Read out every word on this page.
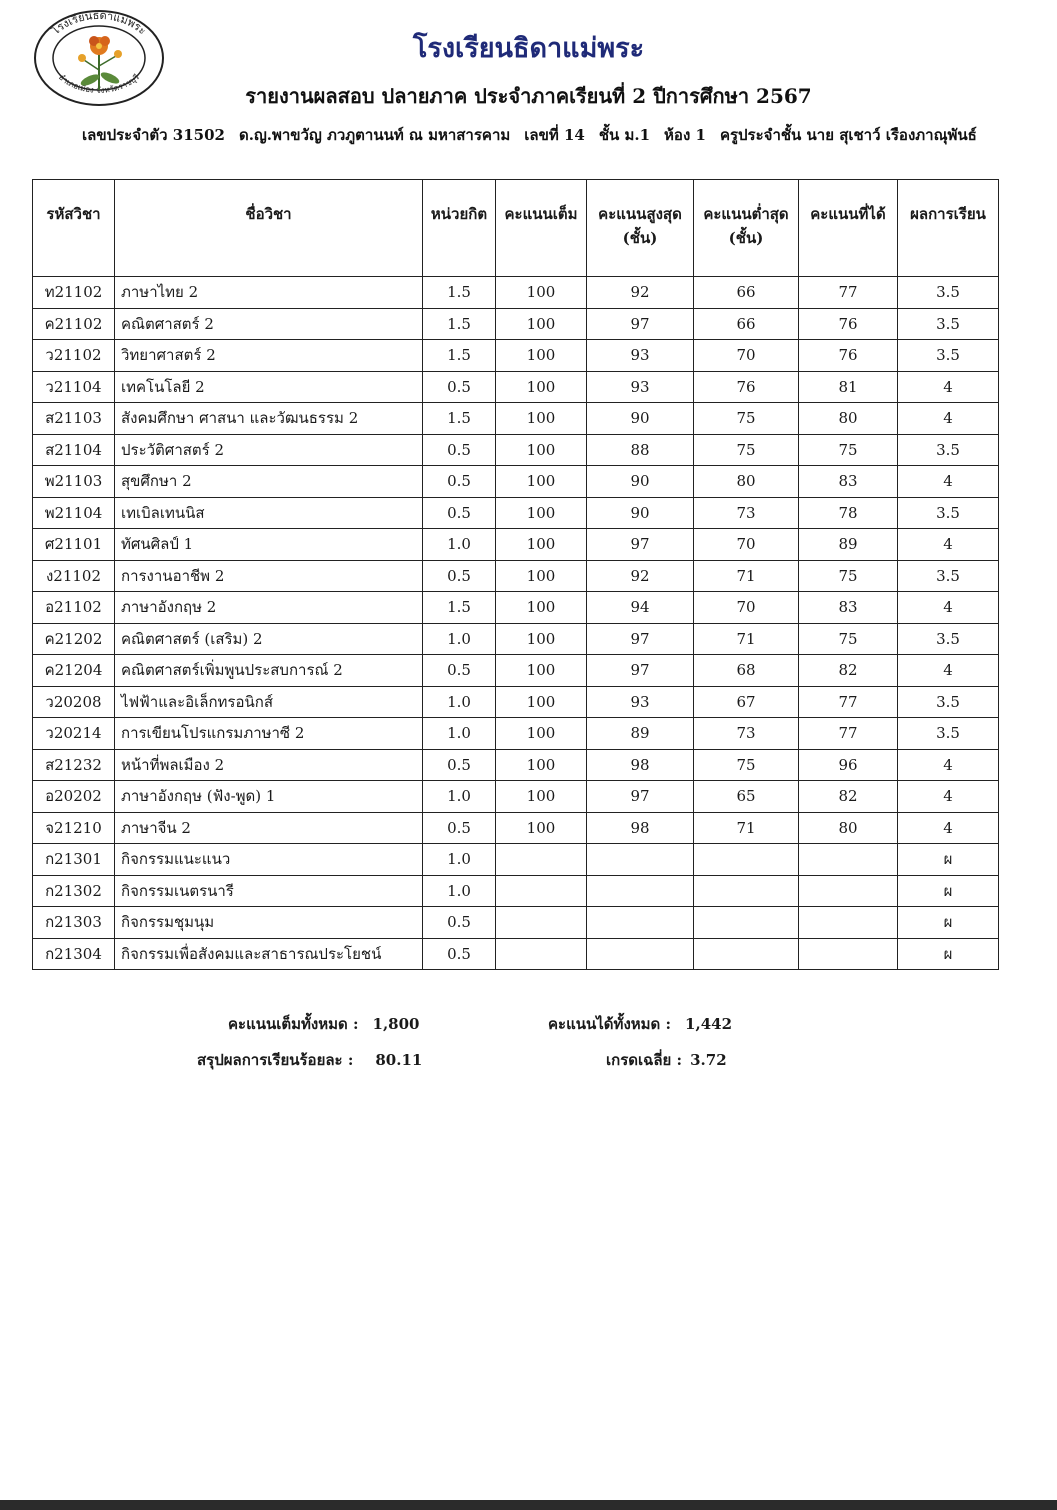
โรงเรียนธิดาแม่พระ
อำเภอเมือง จังหวัดราชบุรี
โรงเรียนธิดาแม่พระ
รายงานผลสอบ ปลายภาค ประจำภาคเรียนที่ 2 ปีการศึกษา 2567
เลขประจำตัว 31502 ด.ญ.พาขวัญ ภวภูตานนท์ ณ มหาสารคาม เลขที่ 14 ชั้น ม.1 ห้อง 1 ครูประจำชั้น นาย สุเชาว์ เรืองภาณุพันธ์
รหัสวิชา	ชื่อวิชา	หน่วยกิต	คะแนนเต็ม	คะแนนสูงสุด (ชั้น)	คะแนนต่ำสุด (ชั้น)	คะแนนที่ได้	ผลการเรียน
ท21102	ภาษาไทย 2	1.5	100	92	66	77	3.5
ค21102	คณิตศาสตร์ 2	1.5	100	97	66	76	3.5
ว21102	วิทยาศาสตร์ 2	1.5	100	93	70	76	3.5
ว21104	เทคโนโลยี 2	0.5	100	93	76	81	4
ส21103	สังคมศึกษา ศาสนา และวัฒนธรรม 2	1.5	100	90	75	80	4
ส21104	ประวัติศาสตร์ 2	0.5	100	88	75	75	3.5
พ21103	สุขศึกษา 2	0.5	100	90	80	83	4
พ21104	เทเบิลเทนนิส	0.5	100	90	73	78	3.5
ศ21101	ทัศนศิลป์ 1	1.0	100	97	70	89	4
ง21102	การงานอาชีพ 2	0.5	100	92	71	75	3.5
อ21102	ภาษาอังกฤษ 2	1.5	100	94	70	83	4
ค21202	คณิตศาสตร์ (เสริม) 2	1.0	100	97	71	75	3.5
ค21204	คณิตศาสตร์เพิ่มพูนประสบการณ์ 2	0.5	100	97	68	82	4
ว20208	ไฟฟ้าและอิเล็กทรอนิกส์	1.0	100	93	67	77	3.5
ว20214	การเขียนโปรแกรมภาษาซี 2	1.0	100	89	73	77	3.5
ส21232	หน้าที่พลเมือง 2	0.5	100	98	75	96	4
อ20202	ภาษาอังกฤษ (ฟัง-พูด) 1	1.0	100	97	65	82	4
จ21210	ภาษาจีน 2	0.5	100	98	71	80	4
ก21301	กิจกรรมแนะแนว	1.0					ผ
ก21302	กิจกรรมเนตรนารี	1.0					ผ
ก21303	กิจกรรมชุมนุม	0.5					ผ
ก21304	กิจกรรมเพื่อสังคมและสาธารณประโยชน์	0.5					ผ
คะแนนเต็มทั้งหมด : 1,800	คะแนนได้ทั้งหมด : 1,442
สรุปผลการเรียนร้อยละ : 80.11	เกรดเฉลี่ย : 3.72
